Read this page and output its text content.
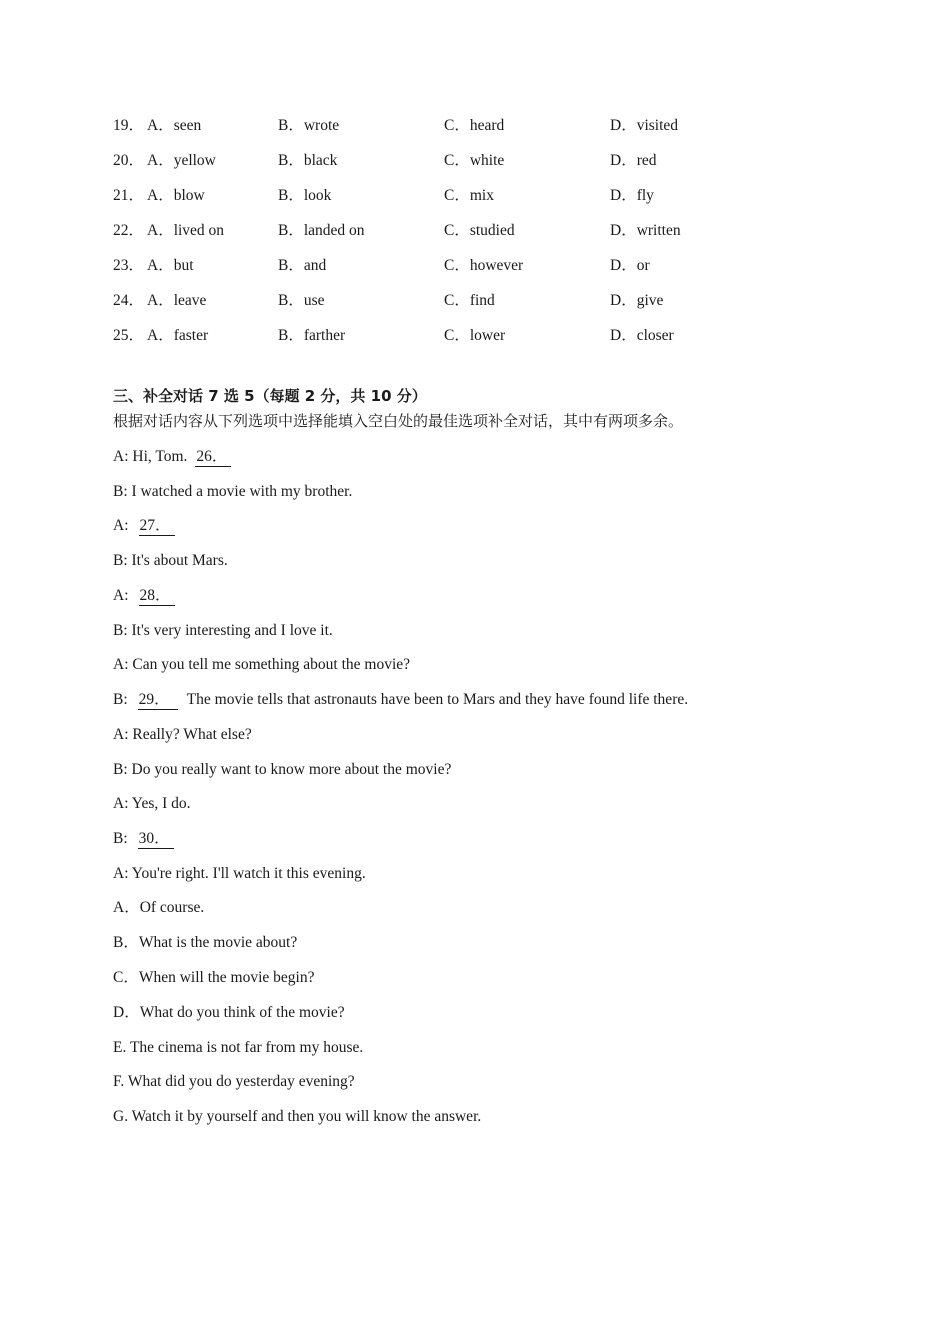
19． A．seen	B．wrote	C．heard	D．visited
20． A．yellow	B．black	C．white	D．red
21． A．blow	B．look	C．mix	D．fly
22． A．lived on	B．landed on	C．studied	D．written
23． A．but	B．and	C．however	D．or
24． A．leave	B．use	C．find	D．give
25． A．faster	B．farther	C．lower	D．closer
三、补全对话 7 选 5（每题 2 分，共 10 分）
根据对话内容从下列选项中选择能填入空白处的最佳选项补全对话，其中有两项多余。
A: Hi, Tom. 26．
B: I watched a movie with my brother.
A: 27．
B: It's about Mars.
A: 28．
B: It's very interesting and I love it.
A: Can you tell me something about the movie?
B: 29． The movie tells that astronauts have been to Mars and they have found life there.
A: Really? What else?
B: Do you really want to know more about the movie?
A: Yes, I do.
B: 30．
A: You're right. I'll watch it this evening.
A．Of course.
B．What is the movie about?
C．When will the movie begin?
D．What do you think of the movie?
E. The cinema is not far from my house.
F. What did you do yesterday evening?
G. Watch it by yourself and then you will know the answer.
